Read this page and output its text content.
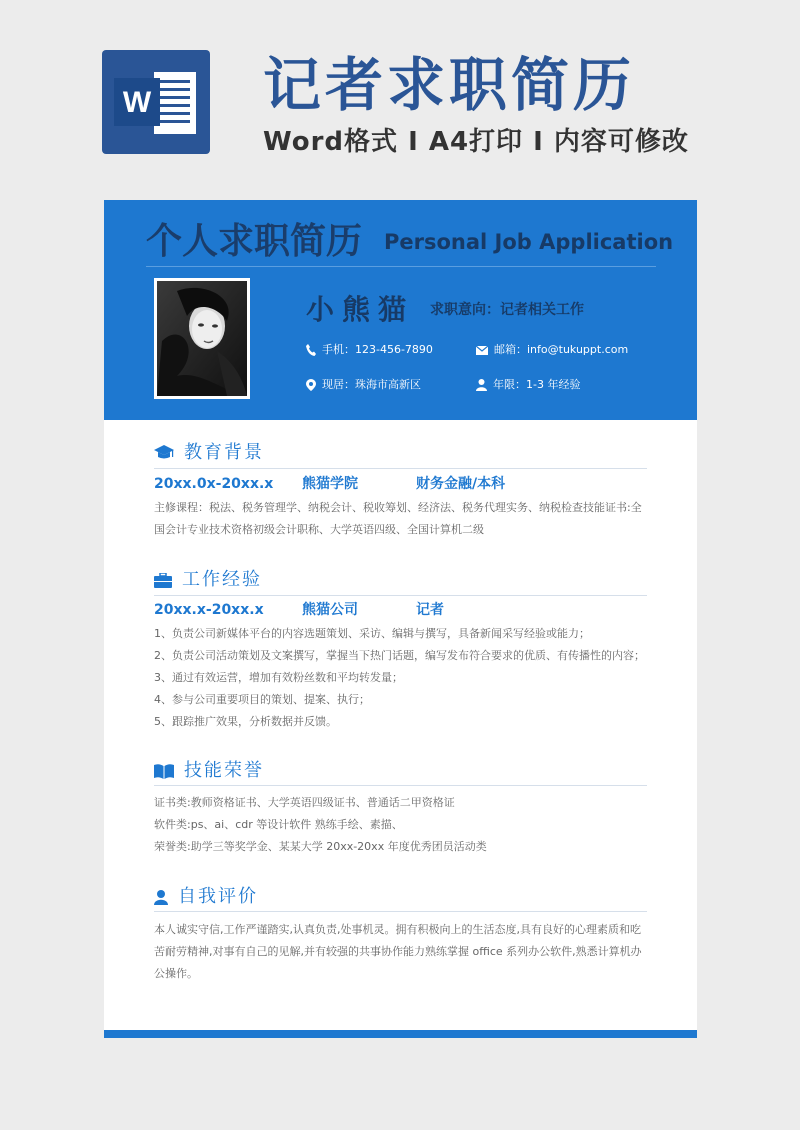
W 记者求职简历
Word格式 I A4打印 I 内容可修改
个人求职简历 Personal Job Application
小熊猫 求职意向：记者相关工作
手机：123-456-7890	邮箱：info@tukuppt.com
现居：珠海市高新区	年限：1-3 年经验
教育背景
20xx.0x-20xx.x 熊猫学院	财务金融/本科
主修课程：税法、税务管理学、纳税会计、税收筹划、经济法、税务代理实务、纳税检查技能证书:全
国会计专业技术资格初级会计职称、大学英语四级、全国计算机二级
工作经验
20xx.x-20xx.x	熊猫公司	记者
1、负责公司新媒体平台的内容选题策划、采访、编辑与撰写，具备新闻采写经验或能力；
2、负责公司活动策划及文案撰写，掌握当下热门话题，编写发布符合要求的优质、有传播性的内容；
3、通过有效运营，增加有效粉丝数和平均转发量；
4、参与公司重要项目的策划、提案、执行；
5、跟踪推广效果，分析数据并反馈。
技能荣誉
证书类:教师资格证书、大学英语四级证书、普通话二甲资格证
软件类:ps、ai、cdr 等设计软件 熟练手绘、素描、
荣誉类:助学三等奖学金、某某大学 20xx-20xx 年度优秀团员活动类
自我评价
本人诚实守信,工作严谨踏实,认真负责,处事机灵。拥有积极向上的生活态度,具有良好的心理素质和吃
苦耐劳精神,对事有自己的见解,并有较强的共事协作能力熟练掌握 office 系列办公软件,熟悉计算机办
公操作。
